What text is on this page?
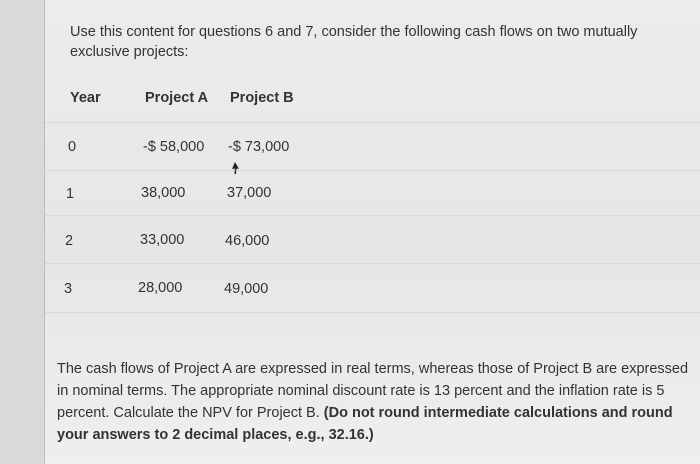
Use this content for questions 6 and 7, consider the following cash flows on two mutually exclusive projects:
Year	Project A Project B
0	-$ 58,000 -$ 73,000
1	38,000	37,000
2	33,000	46,000
3	28,000	49,000
The cash flows of Project A are expressed in real terms, whereas those of Project B are expressed in nominal terms. The appropriate nominal discount rate is 13 percent and the inflation rate is 5 percent. Calculate the NPV for Project B. (Do not round intermediate calculations and round your answers to 2 decimal places, e.g., 32.16.)
